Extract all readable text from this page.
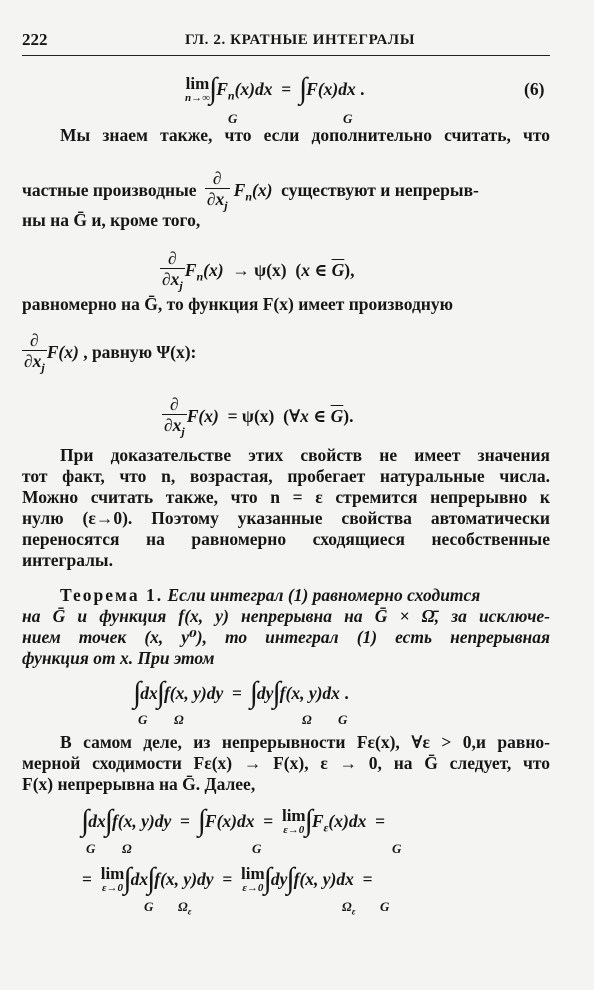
222	ГЛ. 2. КРАТНЫЕ ИНТЕГРАЛЫ
lim
n→∞ $\int F_n(x)dx = \int F(x)dx$ .
G	G
(6)
Мы знаем также, что если дополнительно считать, что
частные производные $\frac{\partial}{\partial x_j} F_n(x)$ существуют и непрерыв-
ны на Ḡ и, кроме того,
$\frac{\partial}{\partial x_j} F_n(x) \to \psi(x)$  (x ∈ $\overline{G}$),
равномерно на Ḡ, то функция F(x) имеет производную
$\frac{\partial}{\partial x_j} F(x)$ , равную Ψ(x):
$\frac{\partial}{\partial x_j} F(x) = \psi(x)$  (∀x ∈ $\overline{G}$).
При доказательстве этих свойств не имеет значения
тот факт, что n, возрастая, пробегает натуральные числа.
Можно считать также, что n = ε стремится непрерывно к
нулю (ε→0). Поэтому указанные свойства автоматически
переносятся на равномерно сходящиеся несобственные
интегралы.
Теорема 1. Если интеграл (1) равномерно сходится
на Ḡ и функция f(x, y) непрерывна на Ḡ × Ω̄, за исключе-
нием точек (x, y⁰), то интеграл (1) есть непрерывная
функция от x. При этом
∫dx∫f(x, y)dy  =  ∫dy∫f(x, y)dx .
G Ω	Ω G
В самом деле, из непрерывности Fε(x), ∀ε > 0,и равно-
мерной сходимости Fε(x) → F(x), ε → 0, на Ḡ следует, что
F(x) непрерывна на Ḡ. Далее,
∫dx∫f(x, y)dy  =  ∫F(x)dx  = lim
ε→0 $\int F_\varepsilon(x)dx$  =
G Ω	G	G
= lim
ε→0 ∫dx∫f(x, y)dy  = lim
ε→0 ∫dy∫f(x, y)dx  =
G $\Omega_\varepsilon$	$\Omega_\varepsilon$ G
